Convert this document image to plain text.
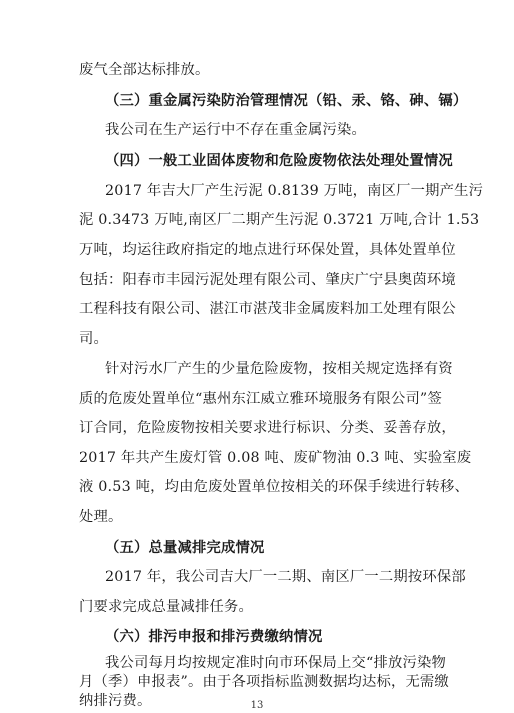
废气全部达标排放。
（三）重金属污染防治管理情况（铅、汞、铬、砷、镉）
我公司在生产运行中不存在重金属污染。
（四）一般工业固体废物和危险废物依法处理处置情况
2017 年吉大厂产生污泥 0.8139 万吨，南区厂一期产生污
泥 0.3473 万吨,南区厂二期产生污泥 0.3721 万吨,合计 1.53
万吨，均运往政府指定的地点进行环保处置，具体处置单位
包括：阳春市丰园污泥处理有限公司、肇庆广宁县奥茵环境
工程科技有限公司、湛江市湛茂非金属废料加工处理有限公
司。
针对污水厂产生的少量危险废物，按相关规定选择有资
质的危废处置单位“惠州东江威立雅环境服务有限公司”签
订合同，危险废物按相关要求进行标识、分类、妥善存放，
2017 年共产生废灯管 0.08 吨、废矿物油 0.3 吨、实验室废
液 0.53 吨，均由危废处置单位按相关的环保手续进行转移、
处理。
（五）总量减排完成情况
2017 年，我公司吉大厂一二期、南区厂一二期按环保部
门要求完成总量减排任务。
（六）排污申报和排污费缴纳情况
我公司每月均按规定准时向市环保局上交“排放污染物
月（季）申报表”。由于各项指标监测数据均达标，无需缴
纳排污费。	13
